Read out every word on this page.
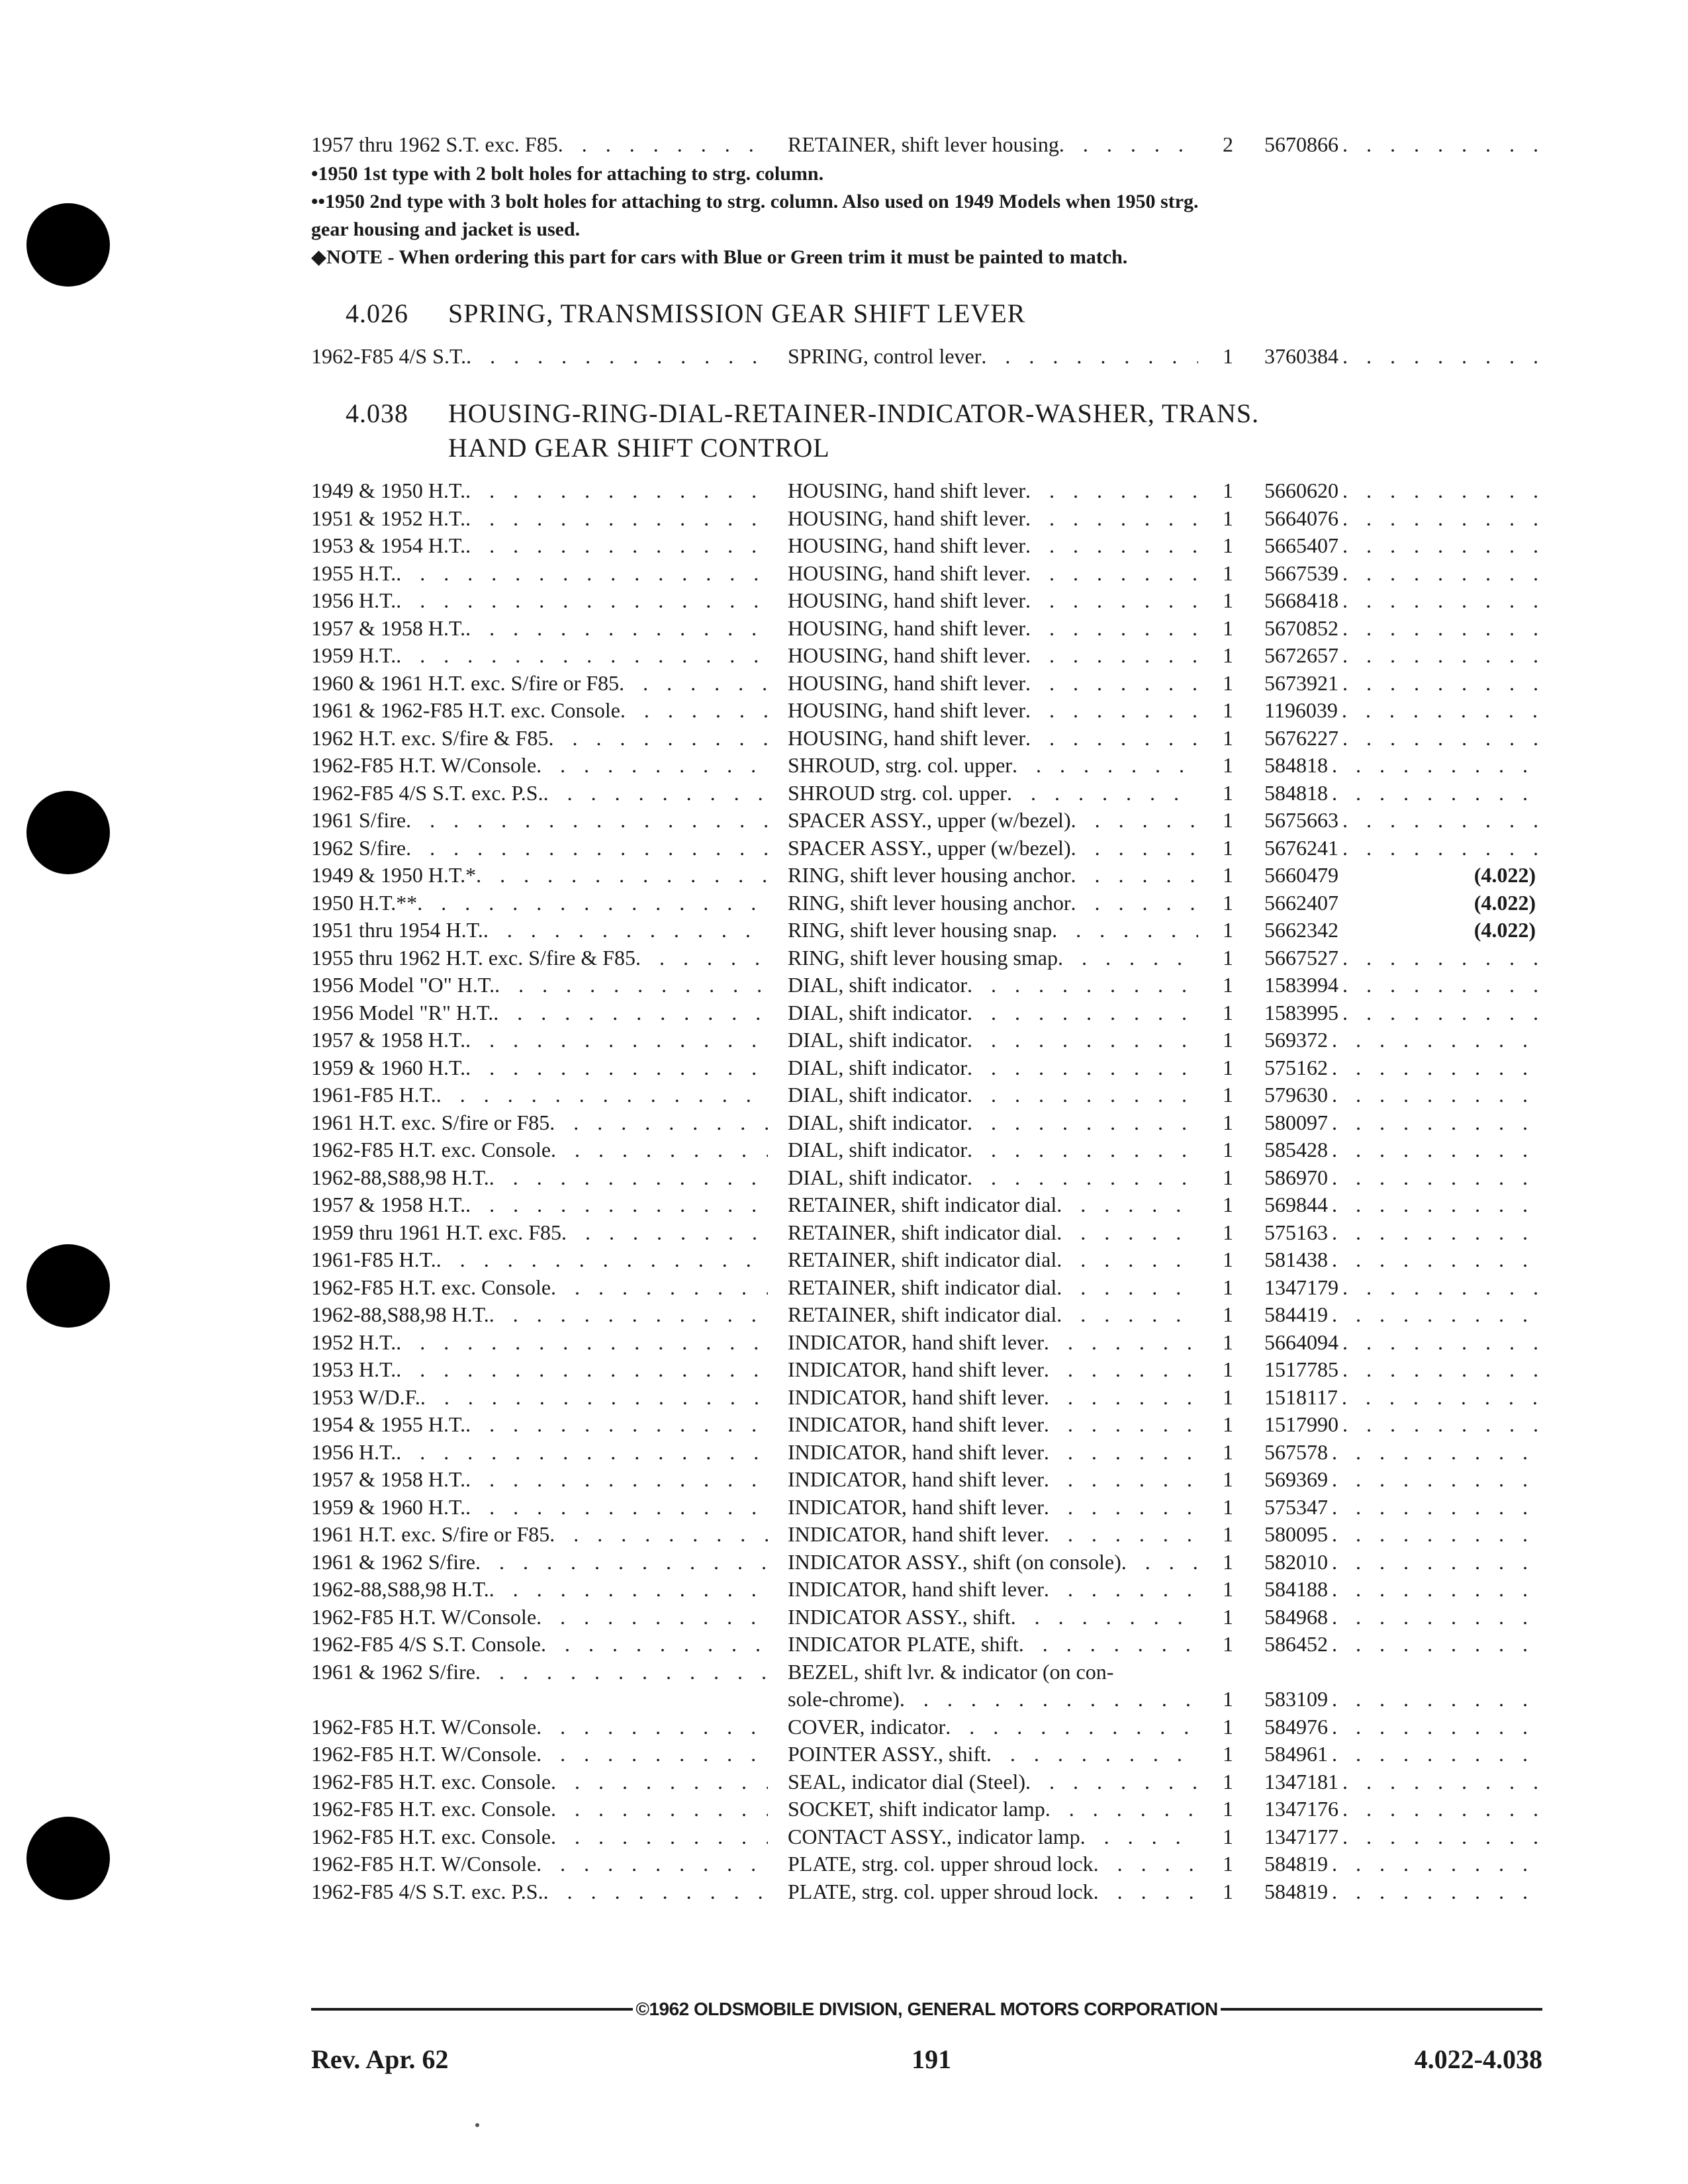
1957 thru 1962 S.T. exc. F85 . . .	RETAINER, shift lever housing . . .	2	5670866
. . .

•1950 1st type with 2 bolt holes for attaching to strg. column.

••1950 2nd type with 3 bolt holes for attaching to strg. column. Also used on 1949 Models when 1950 strg.

gear housing and jacket is used.

◆NOTE - When ordering this part for cars with Blue or Green trim it must be painted to match.

4.026	SPRING, TRANSMISSION GEAR SHIFT LEVER
1962-F85 4/S S.T. . . .	SPRING, control lever . . .	1	3760384
. . .
4.038	HOUSING-RING-DIAL-RETAINER-INDICATOR-WASHER, TRANS.
HAND GEAR SHIFT CONTROL
1949 & 1950 H.T. . . .	HOUSING, hand shift lever . . .	1	5660620
. . .
1951 & 1952 H.T. . . .	HOUSING, hand shift lever . . .	1	5664076
. . .
1953 & 1954 H.T. . . .	HOUSING, hand shift lever . . .	1	5665407
. . .
1955 H.T. . . .	HOUSING, hand shift lever . . .	1	5667539
. . .
1956 H.T. . . .	HOUSING, hand shift lever . . .	1	5668418
. . .
1957 & 1958 H.T. . . .	HOUSING, hand shift lever . . .	1	5670852
. . .
1959 H.T. . . .	HOUSING, hand shift lever . . .	1	5672657
. . .
1960 & 1961 H.T. exc. S/fire or F85 . . .	HOUSING, hand shift lever . . .	1	5673921
. . .
1961 & 1962-F85 H.T. exc. Console . . .	HOUSING, hand shift lever . . .	1	1196039
. . .
1962 H.T. exc. S/fire & F85 . . .	HOUSING, hand shift lever . . .	1	5676227
. . .
1962-F85 H.T. W/Console . . .	SHROUD, strg. col. upper . . .	1	584818
. . .
1962-F85 4/S S.T. exc. P.S. . . .	SHROUD strg. col. upper . . .	1	584818
. . .
1961 S/fire . . .	SPACER ASSY., upper (w/bezel) . . .	1	5675663
. . .
1962 S/fire . . .	SPACER ASSY., upper (w/bezel) . . .	1	5676241
. . .
1949 & 1950 H.T.* . . .	RING, shift lever housing anchor . . .	1	5660479	(4.022)
1950 H.T.** . . .	RING, shift lever housing anchor . . .	1	5662407	(4.022)
1951 thru 1954 H.T. . . .	RING, shift lever housing snap . . .	1	5662342	(4.022)
1955 thru 1962 H.T. exc. S/fire & F85 . . .	RING, shift lever housing smap . . .	1	5667527
. . .
1956 Model "O" H.T. . . .	DIAL, shift indicator . . .	1	1583994
. . .
1956 Model "R" H.T. . . .	DIAL, shift indicator . . .	1	1583995
. . .
1957 & 1958 H.T. . . .	DIAL, shift indicator . . .	1	569372
. . .
1959 & 1960 H.T. . . .	DIAL, shift indicator . . .	1	575162
. . .
1961-F85 H.T. . . .	DIAL, shift indicator . . .	1	579630
. . .
1961 H.T. exc. S/fire or F85 . . .	DIAL, shift indicator . . .	1	580097
. . .
1962-F85 H.T. exc. Console . . .	DIAL, shift indicator . . .	1	585428
. . .
1962-88,S88,98 H.T. . . .	DIAL, shift indicator . . .	1	586970
. . .
1957 & 1958 H.T. . . .	RETAINER, shift indicator dial . . .	1	569844
. . .
1959 thru 1961 H.T. exc. F85 . . .	RETAINER, shift indicator dial . . .	1	575163
. . .
1961-F85 H.T. . . .	RETAINER, shift indicator dial . . .	1	581438
. . .
1962-F85 H.T. exc. Console . . .	RETAINER, shift indicator dial . . .	1	1347179
. . .
1962-88,S88,98 H.T. . . .	RETAINER, shift indicator dial . . .	1	584419
. . .
1952 H.T. . . .	INDICATOR, hand shift lever . . .	1	5664094
. . .
1953 H.T. . . .	INDICATOR, hand shift lever . . .	1	1517785
. . .
1953 W/D.F. . . .	INDICATOR, hand shift lever . . .	1	1518117
. . .
1954 & 1955 H.T. . . .	INDICATOR, hand shift lever . . .	1	1517990
. . .
1956 H.T. . . .	INDICATOR, hand shift lever . . .	1	567578
. . .
1957 & 1958 H.T. . . .	INDICATOR, hand shift lever . . .	1	569369
. . .
1959 & 1960 H.T. . . .	INDICATOR, hand shift lever . . .	1	575347
. . .
1961 H.T. exc. S/fire or F85 . . .	INDICATOR, hand shift lever . . .	1	580095
. . .
1961 & 1962 S/fire . . .	INDICATOR ASSY., shift (on console) . . .	1	582010
. . .
1962-88,S88,98 H.T. . . .	INDICATOR, hand shift lever . . .	1	584188
. . .
1962-F85 H.T. W/Console . . .	INDICATOR ASSY., shift . . .	1	584968
. . .
1962-F85 4/S S.T. Console . . .	INDICATOR PLATE, shift . . .	1	586452
. . .
1961 & 1962 S/fire . . .	BEZEL, shift lvr. & indicator (on con-
sole-chrome) . . .	1	583109
. . .
1962-F85 H.T. W/Console . . .	COVER, indicator . . .	1	584976
. . .
1962-F85 H.T. W/Console . . .	POINTER ASSY., shift . . .	1	584961
. . .
1962-F85 H.T. exc. Console . . .	SEAL, indicator dial (Steel) . . .	1	1347181
. . .
1962-F85 H.T. exc. Console . . .	SOCKET, shift indicator lamp . . .	1	1347176
. . .
1962-F85 H.T. exc. Console . . .	CONTACT ASSY., indicator lamp . . .	1	1347177
. . .
1962-F85 H.T. W/Console . . .	PLATE, strg. col. upper shroud lock . . .	1	584819
. . .
1962-F85 4/S S.T. exc. P.S. . . .	PLATE, strg. col. upper shroud lock . . .	1	584819
. . .
©1962 OLDSMOBILE DIVISION, GENERAL MOTORS CORPORATION
Rev. Apr. 62	191	4.022-4.038
